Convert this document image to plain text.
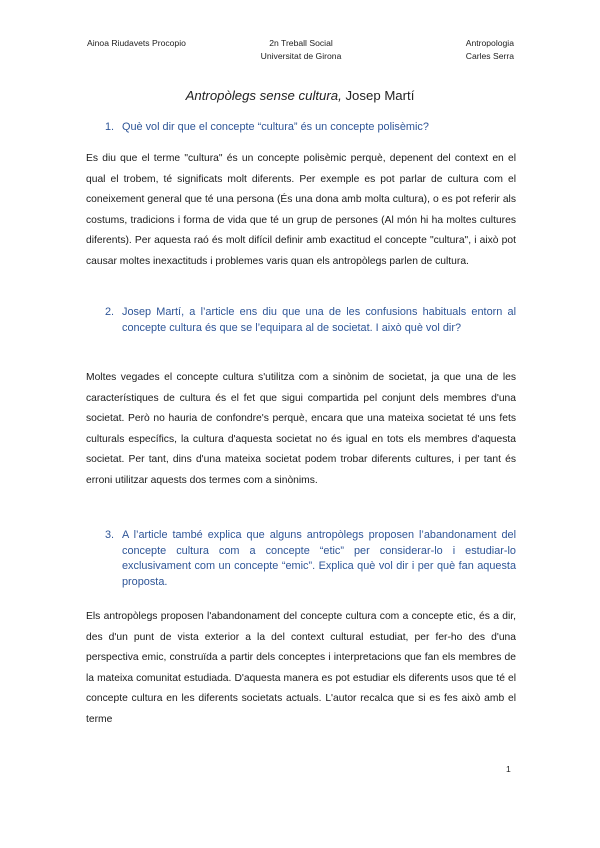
Ainoa Riudavets Procopio	2n Treball Social
Universitat de Girona
Antropologia
Carles Serra
Antropòlegs sense cultura, Josep Martí
1. Què vol dir que el concepte “cultura” és un concepte polisèmic?
Es diu que el terme "cultura" és un concepte polisèmic perquè, depenent del context en el qual el trobem, té significats molt diferents. Per exemple es pot parlar de cultura com el coneixement general que té una persona (És una dona amb molta cultura), o es pot referir als costums, tradicions i forma de vida que té un grup de persones (Al món hi ha moltes cultures diferents). Per aquesta raó és molt difícil definir amb exactitud el concepte "cultura", i això pot causar moltes inexactituds i problemes varis quan els antropòlegs parlen de cultura.
2. Josep Martí, a l’article ens diu que una de les confusions habituals entorn al concepte cultura és que se l’equipara al de societat. I això què vol dir?
Moltes vegades el concepte cultura s'utilitza com a sinònim de societat, ja que una de les característiques de cultura és el fet que sigui compartida pel conjunt dels membres d'una societat. Però no hauria de confondre's perquè, encara que una mateixa societat té uns fets culturals específics, la cultura d'aquesta societat no és igual en tots els membres d'aquesta societat. Per tant, dins d'una mateixa societat podem trobar diferents cultures, i per tant és erroni utilitzar aquests dos termes com a sinònims.
3. A l’article també explica que alguns antropòlegs proposen l’abandonament del concepte cultura com a concepte “etic” per considerar-lo i estudiar-lo exclusivament com un concepte “emic”. Explica què vol dir i per què fan aquesta proposta.
Els antropòlegs proposen l'abandonament del concepte cultura com a concepte etic, és a dir, des d'un punt de vista exterior a la del context cultural estudiat, per fer-ho des d'una perspectiva emic, construïda a partir dels conceptes i interpretacions que fan els membres de la mateixa comunitat estudiada. D'aquesta manera es pot estudiar els diferents usos que té el concepte cultura en les diferents societats actuals. L'autor recalca que si es fes això amb el terme
1
